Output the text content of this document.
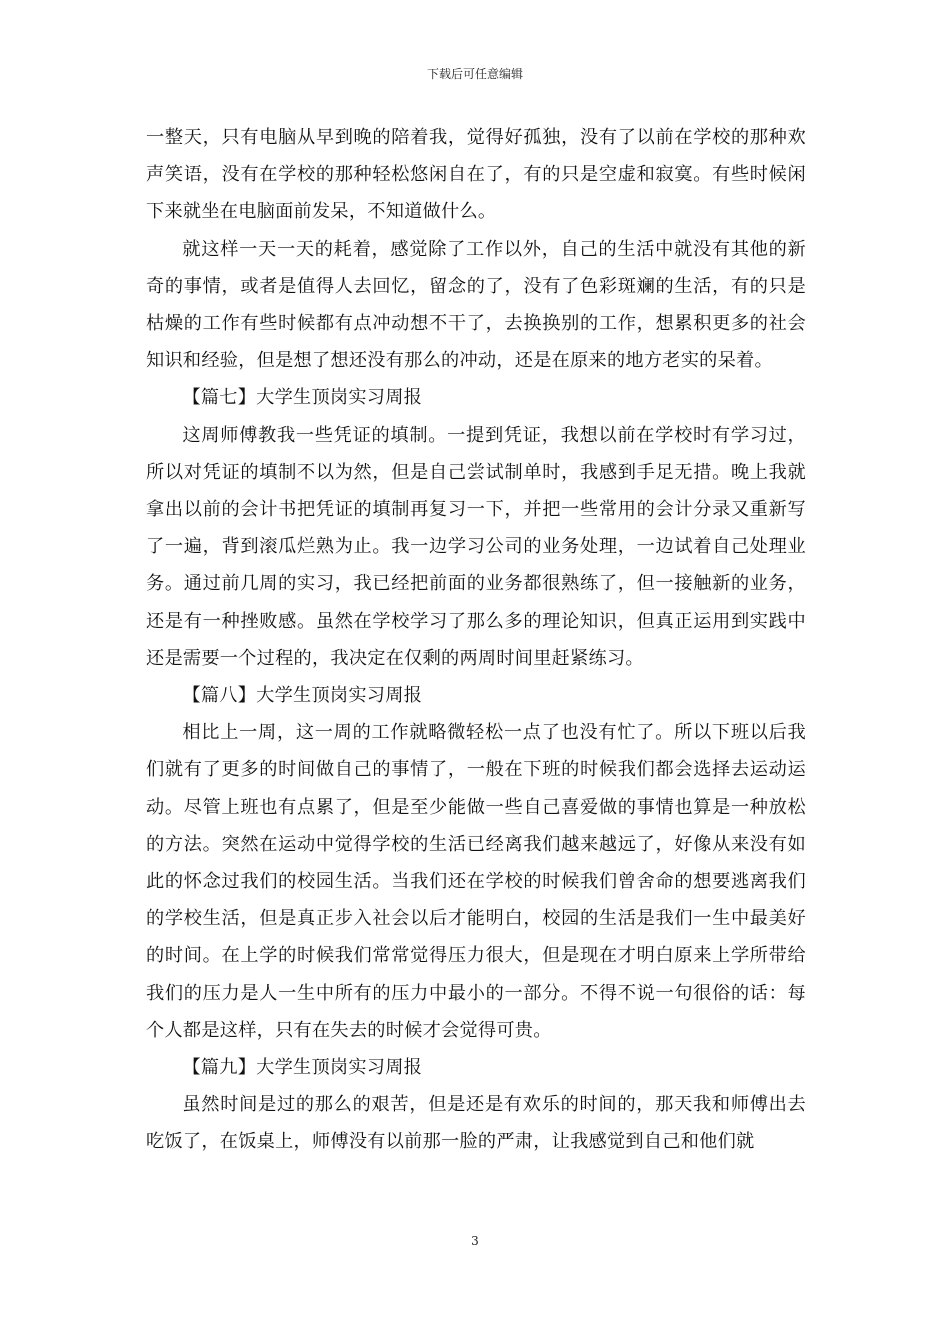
下载后可任意编辑

一整天，只有电脑从早到晚的陪着我，觉得好孤独，没有了以前在学校的那种欢声笑语，没有在学校的那种轻松悠闲自在了，有的只是空虚和寂寞。有些时候闲下来就坐在电脑面前发呆，不知道做什么。

就这样一天一天的耗着，感觉除了工作以外，自己的生活中就没有其他的新奇的事情，或者是值得人去回忆，留念的了，没有了色彩斑斓的生活，有的只是枯燥的工作有些时候都有点冲动想不干了，去换换别的工作，想累积更多的社会知识和经验，但是想了想还没有那么的冲动，还是在原来的地方老实的呆着。

【篇七】大学生顶岗实习周报

这周师傅教我一些凭证的填制。一提到凭证，我想以前在学校时有学习过，所以对凭证的填制不以为然，但是自己尝试制单时，我感到手足无措。晚上我就拿出以前的会计书把凭证的填制再复习一下，并把一些常用的会计分录又重新写了一遍，背到滚瓜烂熟为止。我一边学习公司的业务处理，一边试着自己处理业务。通过前几周的实习，我已经把前面的业务都很熟练了，但一接触新的业务，还是有一种挫败感。虽然在学校学习了那么多的理论知识，但真正运用到实践中还是需要一个过程的，我决定在仅剩的两周时间里赶紧练习。

【篇八】大学生顶岗实习周报

相比上一周，这一周的工作就略微轻松一点了也没有忙了。所以下班以后我们就有了更多的时间做自己的事情了，一般在下班的时候我们都会选择去运动运动。尽管上班也有点累了，但是至少能做一些自己喜爱做的事情也算是一种放松的方法。突然在运动中觉得学校的生活已经离我们越来越远了，好像从来没有如此的怀念过我们的校园生活。当我们还在学校的时候我们曾舍命的想要逃离我们的学校生活，但是真正步入社会以后才能明白，校园的生活是我们一生中最美好的时间。在上学的时候我们常常觉得压力很大，但是现在才明白原来上学所带给我们的压力是人一生中所有的压力中最小的一部分。不得不说一句很俗的话：每个人都是这样，只有在失去的时候才会觉得可贵。

【篇九】大学生顶岗实习周报

虽然时间是过的那么的艰苦，但是还是有欢乐的时间的，那天我和师傅出去吃饭了，在饭桌上，师傅没有以前那一脸的严肃，让我感觉到自己和他们就

3
